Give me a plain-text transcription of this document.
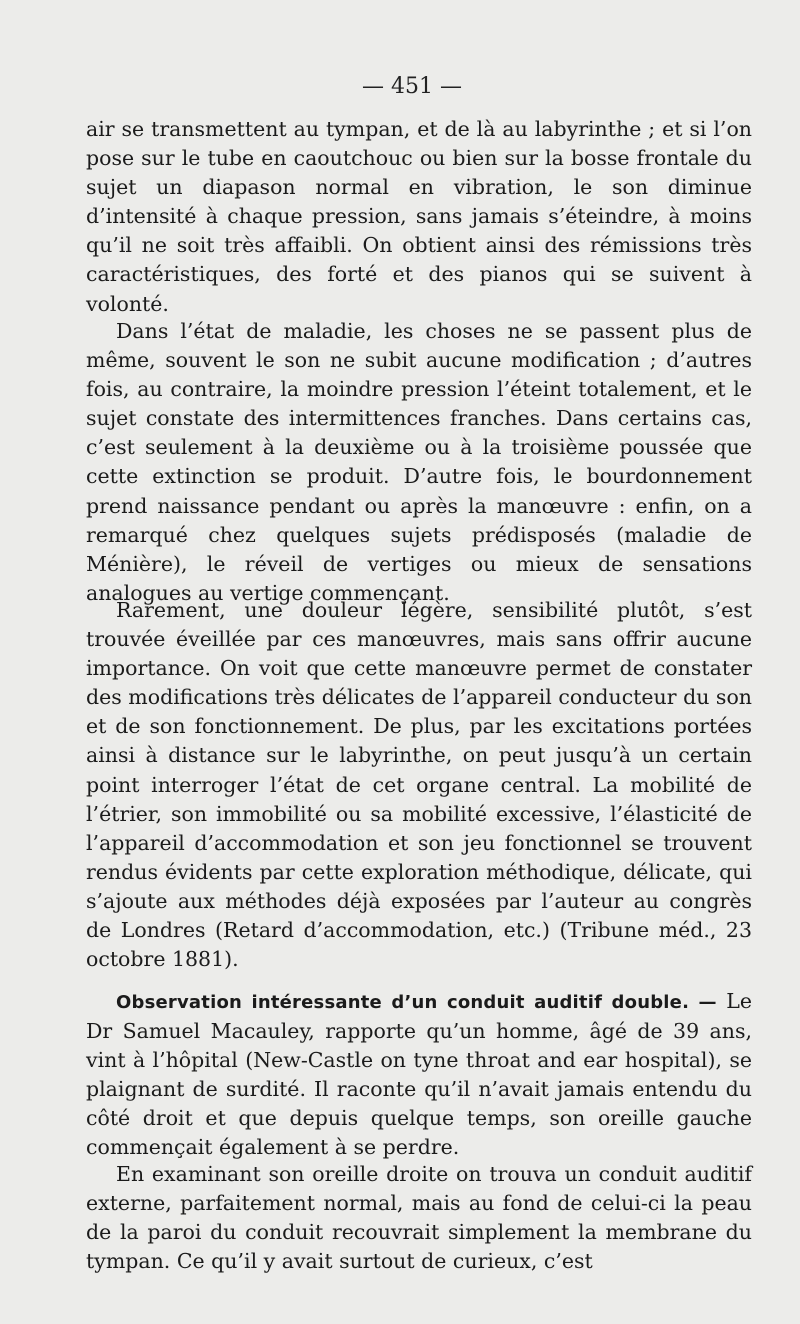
— 451 —

air se transmettent au tympan, et de là au labyrinthe ; et si l’on pose sur le tube en caoutchouc ou bien sur la bosse frontale du sujet un diapason normal en vibration, le son diminue d’intensité à chaque pression, sans jamais s’éteindre, à moins qu’il ne soit très affaibli. On obtient ainsi des rémissions très caractéristiques, des forté et des pianos qui se suivent à volonté.

Dans l’état de maladie, les choses ne se passent plus de même, souvent le son ne subit aucune modification ; d’autres fois, au contraire, la moindre pression l’éteint totalement, et le sujet constate des intermittences franches. Dans certains cas, c’est seulement à la deuxième ou à la troisième poussée que cette extinction se produit. D’autre fois, le bourdonnement prend naissance pendant ou après la manœuvre : enfin, on a remarqué chez quelques sujets prédisposés (maladie de Ménière), le réveil de vertiges ou mieux de sensations analogues au vertige commençant.

Rarement, une douleur légère, sensibilité plutôt, s’est trouvée éveillée par ces manœuvres, mais sans offrir aucune importance. On voit que cette manœuvre permet de constater des modifications très délicates de l’appareil conducteur du son et de son fonctionnement. De plus, par les excitations portées ainsi à distance sur le labyrinthe, on peut jusqu’à un certain point interroger l’état de cet organe central. La mobilité de l’étrier, son immobilité ou sa mobilité excessive, l’élasticité de l’appareil d’accommodation et son jeu fonctionnel se trouvent rendus évidents par cette exploration méthodique, délicate, qui s’ajoute aux méthodes déjà exposées par l’auteur au congrès de Londres (Retard d’accommodation, etc.) (Tribune méd., 23 octobre 1881).

Observation intéressante d’un conduit auditif double. — Le Dr Samuel Macauley, rapporte qu’un homme, âgé de 39 ans, vint à l’hôpital (New-Castle on tyne throat and ear hospital), se plaignant de surdité. Il raconte qu’il n’avait jamais entendu du côté droit et que depuis quelque temps, son oreille gauche commençait également à se perdre.

En examinant son oreille droite on trouva un conduit auditif externe, parfaitement normal, mais au fond de celui-ci la peau de la paroi du conduit recouvrait simplement la membrane du tympan. Ce qu’il y avait surtout de curieux, c’est
